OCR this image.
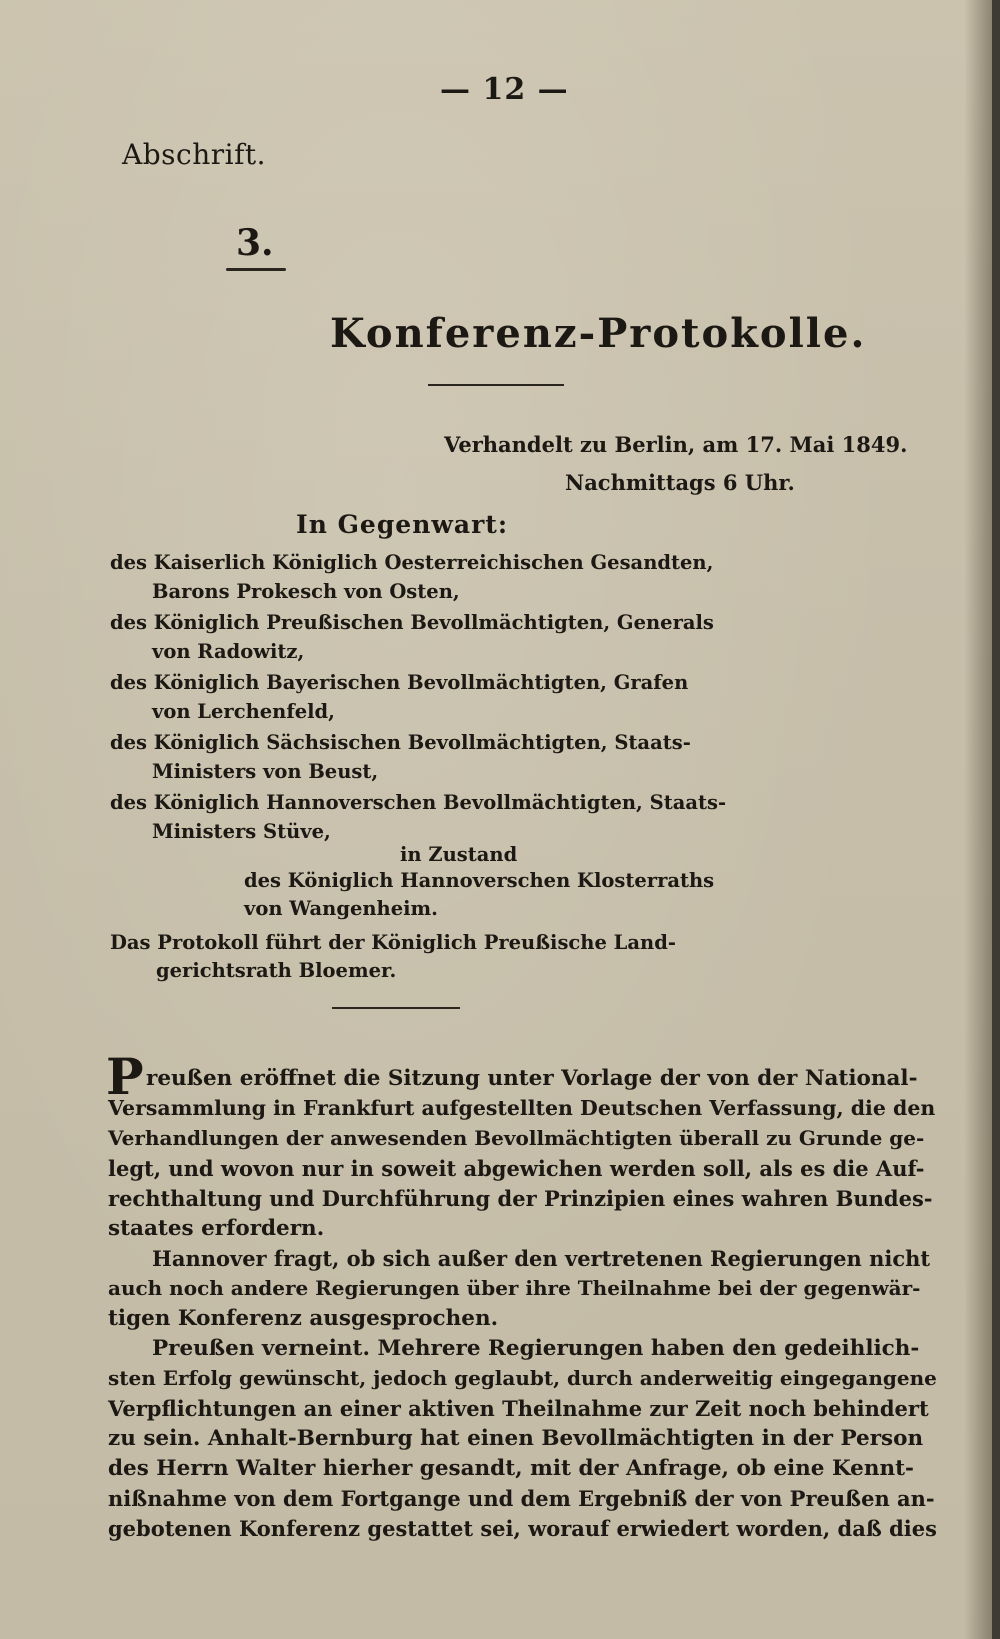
— 12 —

Abschrift.

3.

Konferenz-Protokolle.

Verhandelt zu Berlin, am 17. Mai 1849.

Nachmittags 6 Uhr.

In Gegenwart:

des Kaiserlich Königlich Oesterreichischen Gesandten,

Barons Prokesch von Osten,

des Königlich Preußischen Bevollmächtigten, Generals

von Radowitz,

des Königlich Bayerischen Bevollmächtigten, Grafen

von Lerchenfeld,

des Königlich Sächsischen Bevollmächtigten, Staats-

Ministers von Beust,

des Königlich Hannoverschen Bevollmächtigten, Staats-

Ministers Stüve,

in Zustand

des Königlich Hannoverschen Klosterraths

von Wangenheim.

Das Protokoll führt der Königlich Preußische Land-

gerichtsrath Bloemer.

P reußen eröffnet die Sitzung unter Vorlage der von der National-

Versammlung in Frankfurt aufgestellten Deutschen Verfassung, die den

Verhandlungen der anwesenden Bevollmächtigten überall zu Grunde ge-

legt, und wovon nur in soweit abgewichen werden soll, als es die Auf-

rechthaltung und Durchführung der Prinzipien eines wahren Bundes-

staates erfordern.

Hannover fragt, ob sich außer den vertretenen Regierungen nicht

auch noch andere Regierungen über ihre Theilnahme bei der gegenwär-

tigen Konferenz ausgesprochen.

Preußen verneint. Mehrere Regierungen haben den gedeihlich-

sten Erfolg gewünscht, jedoch geglaubt, durch anderweitig eingegangene

Verpflichtungen an einer aktiven Theilnahme zur Zeit noch behindert

zu sein. Anhalt-Bernburg hat einen Bevollmächtigten in der Person

des Herrn Walter hierher gesandt, mit der Anfrage, ob eine Kennt-

nißnahme von dem Fortgange und dem Ergebniß der von Preußen an-

gebotenen Konferenz gestattet sei, worauf erwiedert worden, daß dies
